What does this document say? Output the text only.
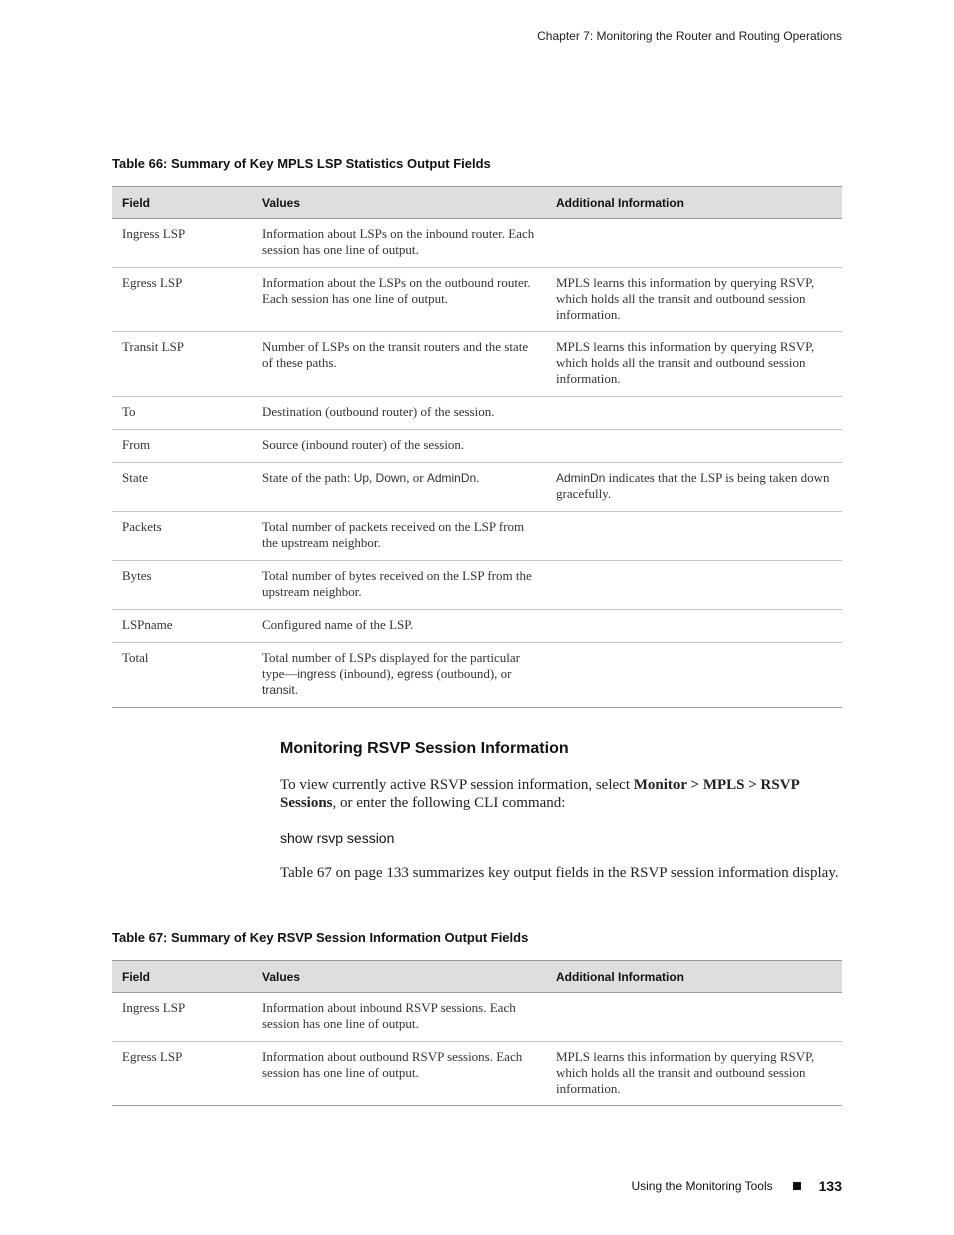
Chapter 7: Monitoring the Router and Routing Operations
Table 66: Summary of Key MPLS LSP Statistics Output Fields
Field	Values	Additional Information
Ingress LSP	Information about LSPs on the inbound router. Each session has one line of output.	
Egress LSP	Information about the LSPs on the outbound router. Each session has one line of output.	MPLS learns this information by querying RSVP, which holds all the transit and outbound session information.
Transit LSP	Number of LSPs on the transit routers and the state of these paths.	MPLS learns this information by querying RSVP, which holds all the transit and outbound session information.
To	Destination (outbound router) of the session.	
From	Source (inbound router) of the session.	
State	State of the path: Up, Down, or AdminDn.	AdminDn indicates that the LSP is being taken down gracefully.
Packets	Total number of packets received on the LSP from the upstream neighbor.	
Bytes	Total number of bytes received on the LSP from the upstream neighbor.	
LSPname	Configured name of the LSP.	
Total	Total number of LSPs displayed for the particular type—ingress (inbound), egress (outbound), or transit.	
Monitoring RSVP Session Information
To view currently active RSVP session information, select Monitor > MPLS > RSVP Sessions, or enter the following CLI command:
show rsvp session
Table 67 on page 133 summarizes key output fields in the RSVP session information display.
Table 67: Summary of Key RSVP Session Information Output Fields
Field	Values	Additional Information
Ingress LSP	Information about inbound RSVP sessions. Each session has one line of output.	
Egress LSP	Information about outbound RSVP sessions. Each session has one line of output.	MPLS learns this information by querying RSVP, which holds all the transit and outbound session information.
Using the Monitoring Tools	133
